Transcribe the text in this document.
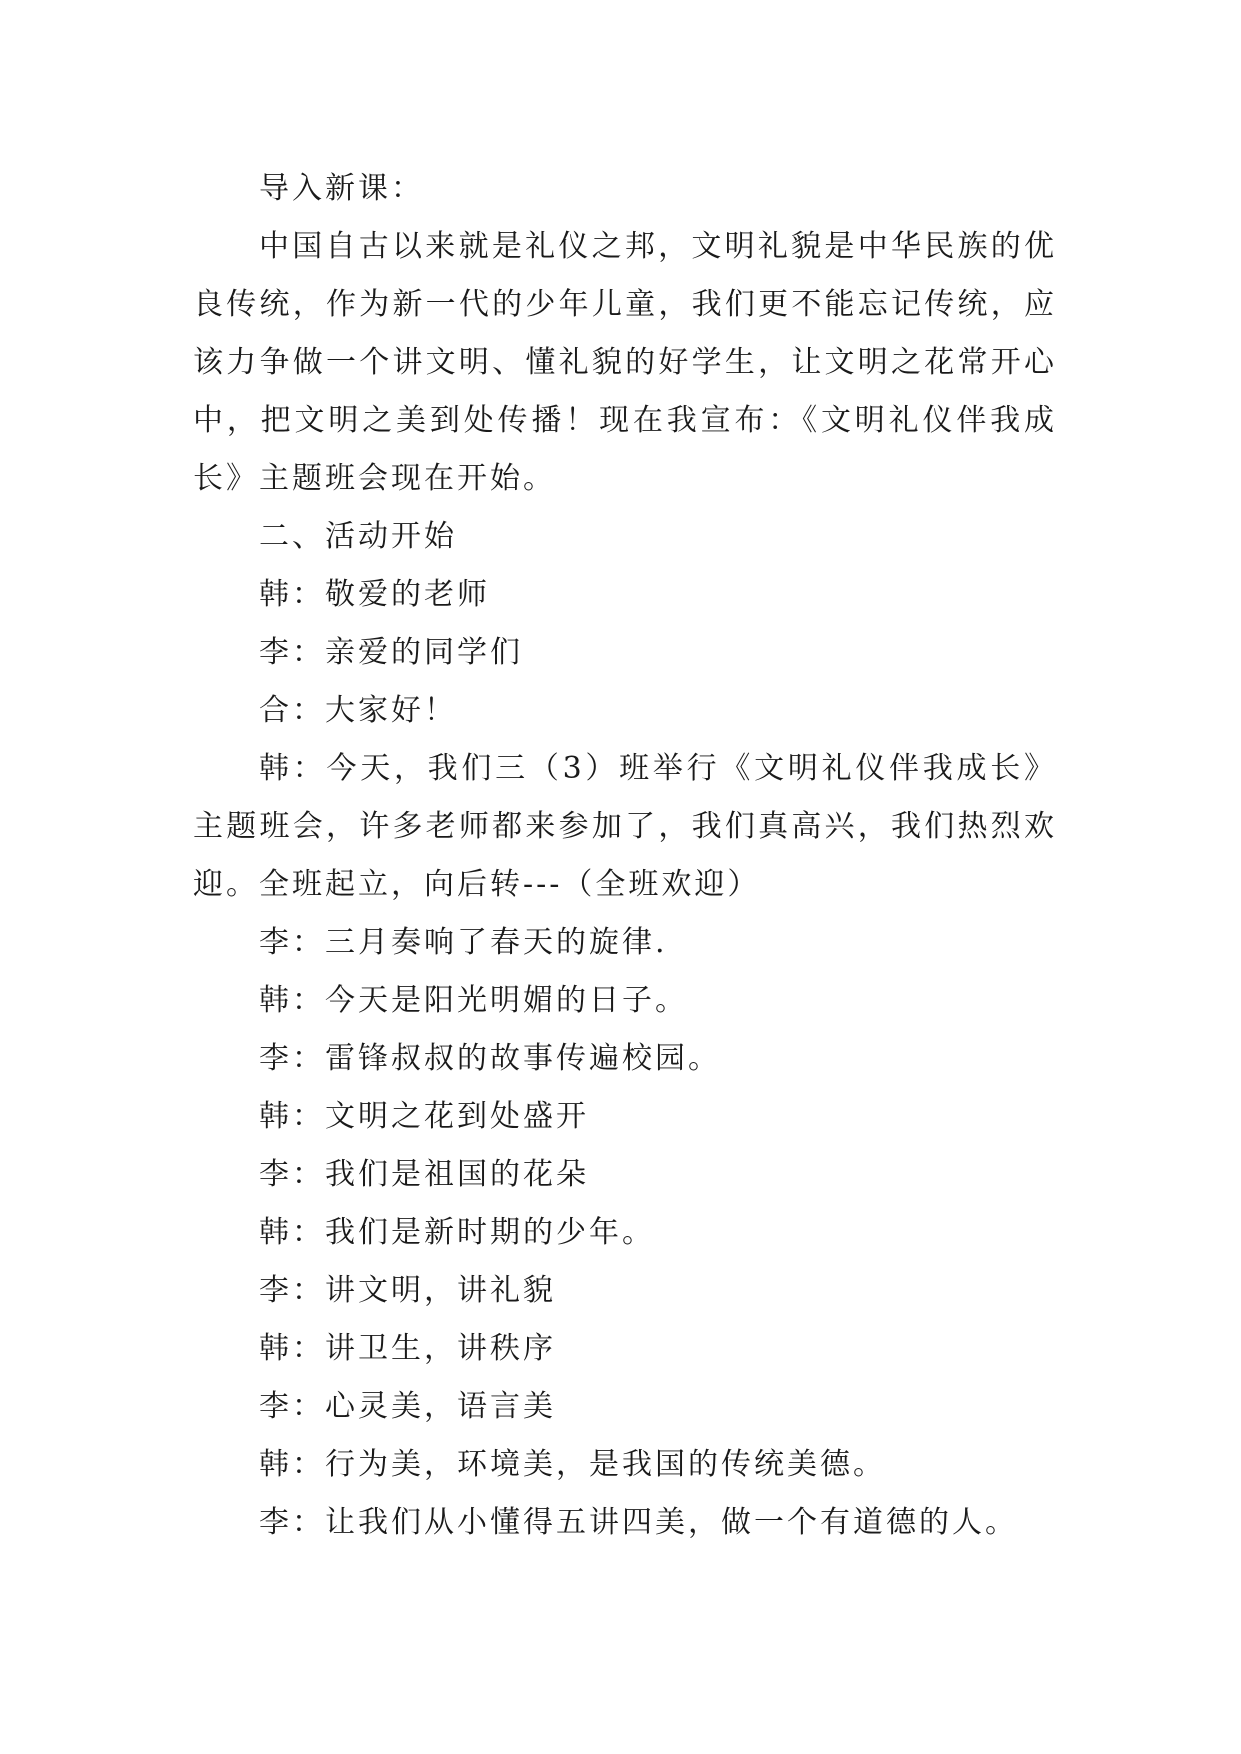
导入新课：

中国自古以来就是礼仪之邦，文明礼貌是中华民族的优良传统，作为新一代的少年儿童，我们更不能忘记传统，应该力争做一个讲文明、懂礼貌的好学生，让文明之花常开心中，把文明之美到处传播！现在我宣布：《文明礼仪伴我成长》主题班会现在开始。

二、活动开始

韩：敬爱的老师

李：亲爱的同学们

合：大家好！

韩：今天，我们三（3）班举行《文明礼仪伴我成长》主题班会，许多老师都来参加了，我们真高兴，我们热烈欢迎。全班起立，向后转---（全班欢迎）

李：三月奏响了春天的旋律.

韩：今天是阳光明媚的日子。

李：雷锋叔叔的故事传遍校园。

韩：文明之花到处盛开

李：我们是祖国的花朵

韩：我们是新时期的少年。

李：讲文明，讲礼貌

韩：讲卫生，讲秩序

李：心灵美，语言美

韩：行为美，环境美，是我国的传统美德。

李：让我们从小懂得五讲四美，做一个有道德的人。
